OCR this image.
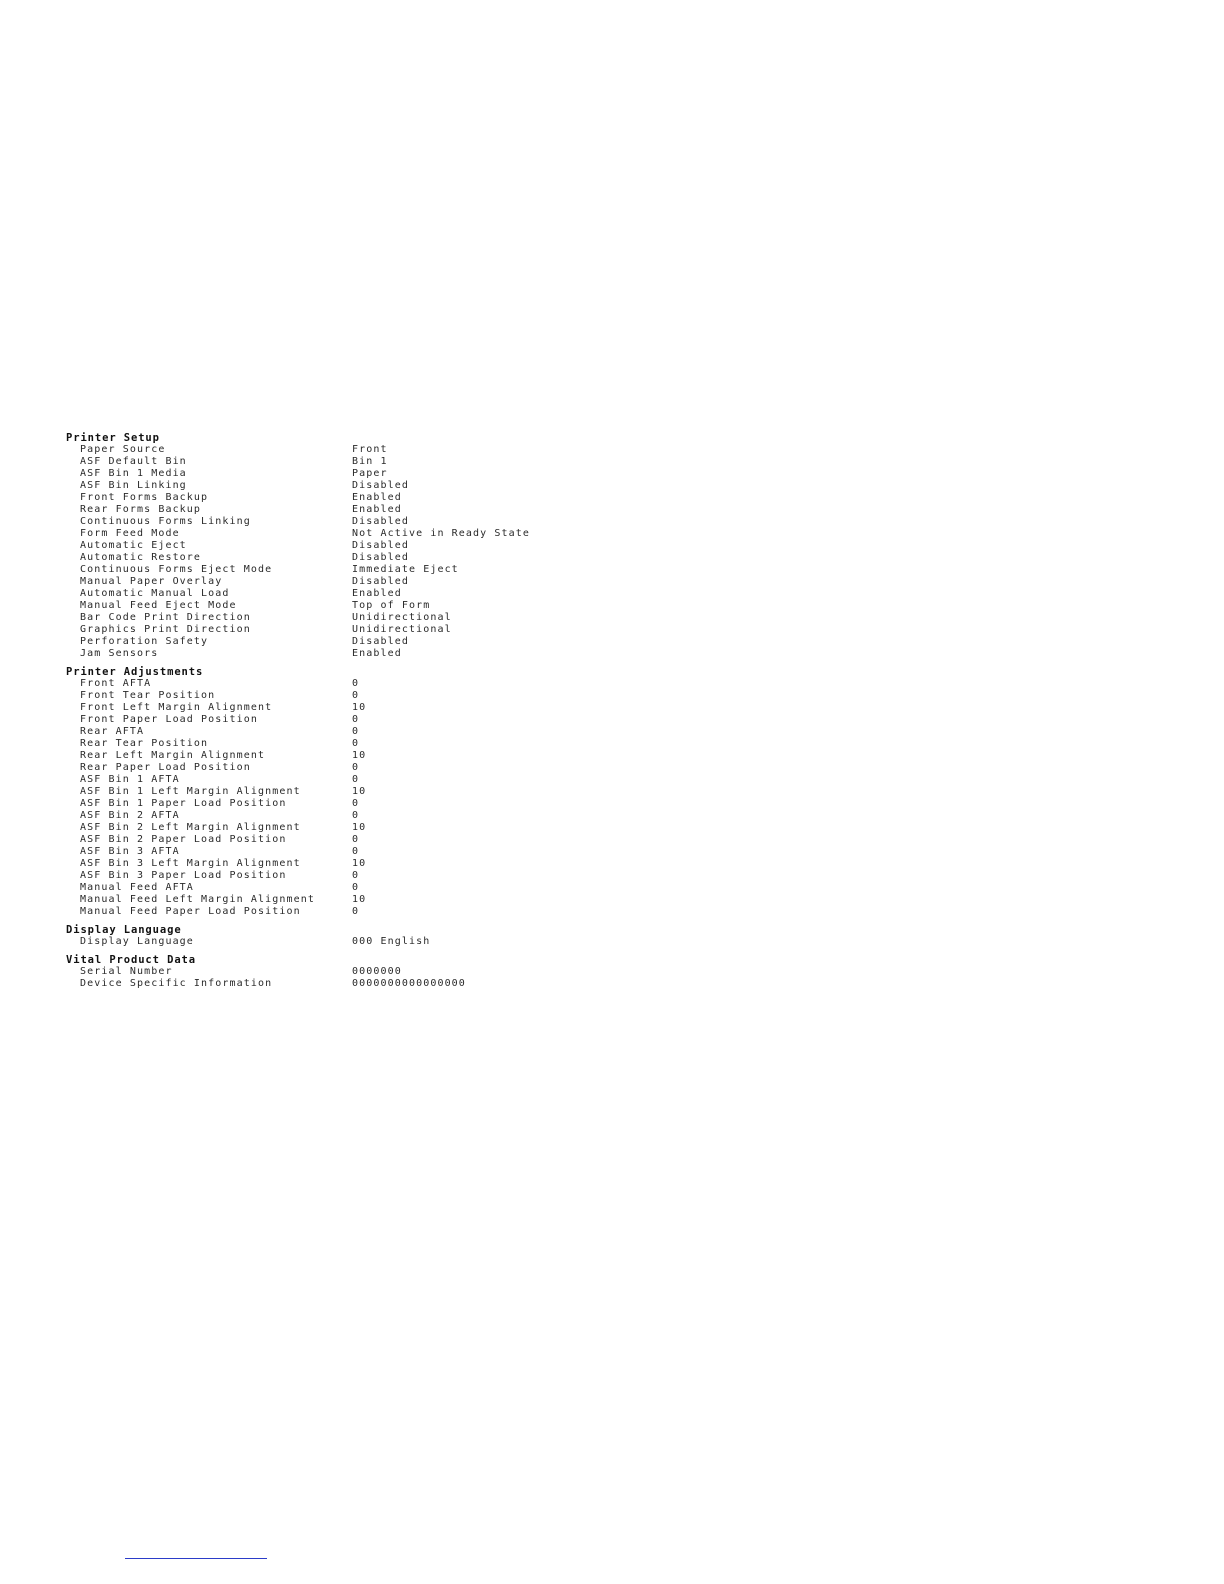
Printer Setup
Paper Source	Front
ASF Default Bin	Bin 1
ASF Bin 1 Media	Paper
ASF Bin Linking	Disabled
Front Forms Backup	Enabled
Rear Forms Backup	Enabled
Continuous Forms Linking	Disabled
Form Feed Mode	Not Active in Ready State
Automatic Eject	Disabled
Automatic Restore	Disabled
Continuous Forms Eject Mode	Immediate Eject
Manual Paper Overlay	Disabled
Automatic Manual Load	Enabled
Manual Feed Eject Mode	Top of Form
Bar Code Print Direction	Unidirectional
Graphics Print Direction	Unidirectional
Perforation Safety	Disabled
Jam Sensors	Enabled
Printer Adjustments
Front AFTA	0
Front Tear Position	0
Front Left Margin Alignment	10
Front Paper Load Position	0
Rear AFTA	0
Rear Tear Position	0
Rear Left Margin Alignment	10
Rear Paper Load Position	0
ASF Bin 1 AFTA	0
ASF Bin 1 Left Margin Alignment	10
ASF Bin 1 Paper Load Position	0
ASF Bin 2 AFTA	0
ASF Bin 2 Left Margin Alignment	10
ASF Bin 2 Paper Load Position	0
ASF Bin 3 AFTA	0
ASF Bin 3 Left Margin Alignment	10
ASF Bin 3 Paper Load Position	0
Manual Feed AFTA	0
Manual Feed Left Margin Alignment	10
Manual Feed Paper Load Position	0
Display Language
Display Language	000 English
Vital Product Data
Serial Number	0000000
Device Specific Information	0000000000000000
